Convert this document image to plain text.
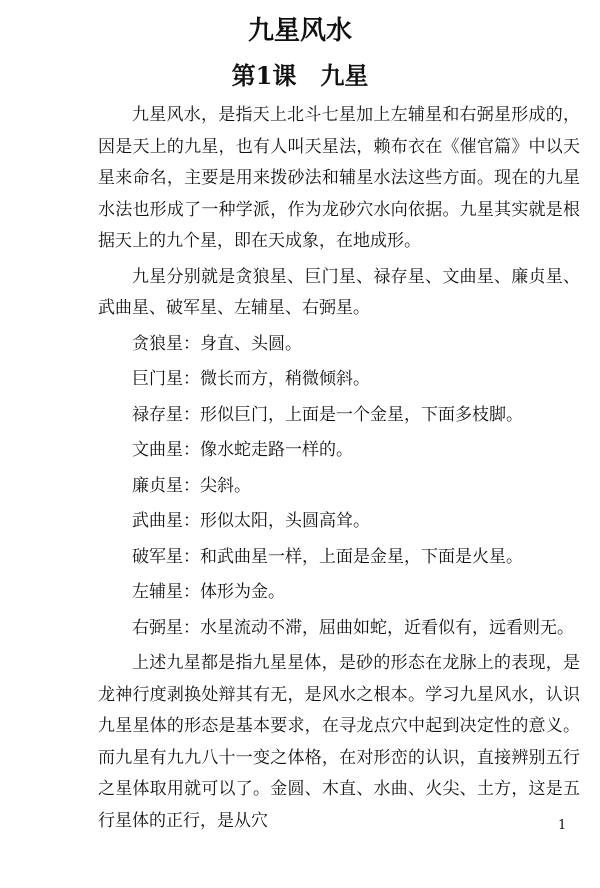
九星风水
第1课　九星

九星风水，是指天上北斗七星加上左辅星和右弼星形成的，因是天上的九星，也有人叫天星法，赖布衣在《催官篇》中以天星来命名，主要是用来拨砂法和辅星水法这些方面。现在的九星水法也形成了一种学派，作为龙砂穴水向依据。九星其实就是根据天上的九个星，即在天成象，在地成形。

九星分别就是贪狼星、巨门星、禄存星、文曲星、廉贞星、武曲星、破军星、左辅星、右弼星。

贪狼星：身直、头圆。

巨门星：微长而方，稍微倾斜。

禄存星：形似巨门，上面是一个金星，下面多枝脚。

文曲星：像水蛇走路一样的。

廉贞星：尖斜。

武曲星：形似太阳，头圆高耸。

破军星：和武曲星一样，上面是金星，下面是火星。

左辅星：体形为金。

右弼星：水星流动不滞，屈曲如蛇，近看似有，远看则无。

上述九星都是指九星星体，是砂的形态在龙脉上的表现，是龙神行度剥换处辩其有无，是风水之根本。学习九星风水，认识九星星体的形态是基本要求，在寻龙点穴中起到决定性的意义。而九星有九九八十一变之体格，在对形峦的认识，直接辨别五行之星体取用就可以了。金圆、木直、水曲、火尖、土方，这是五行星体的正行，是从穴	1
